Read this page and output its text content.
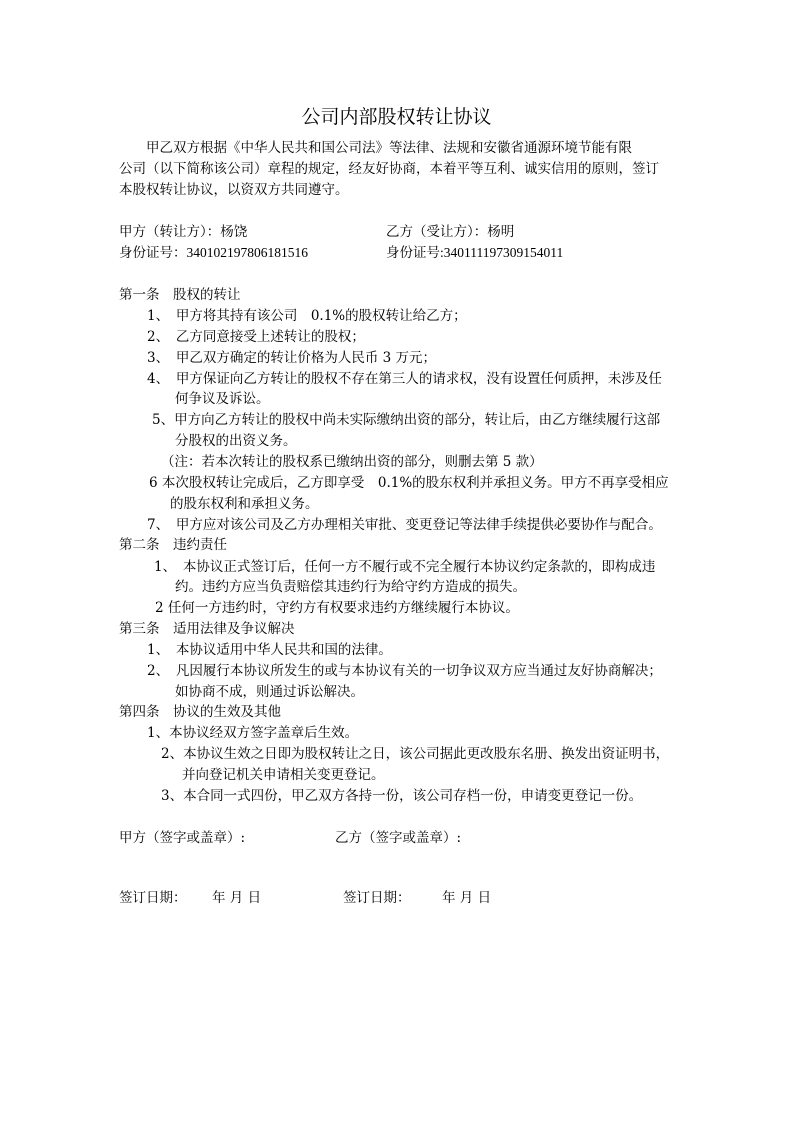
公司内部股权转让协议
甲乙双方根据《中华人民共和国公司法》等法律、法规和安徽省通源环境节能有限
公司（以下简称该公司）章程的规定，经友好协商，本着平等互利、诚实信用的原则，签订
本股权转让协议，以资双方共同遵守。
甲方（转让方）：杨饶	乙方（受让方）：杨明
身份证号：340102197806181516	身份证号:340111197309154011
第一条　股权的转让
1、　甲方将其持有该公司　0.1%的股权转让给乙方；
2、　乙方同意接受上述转让的股权；
3、　甲乙双方确定的转让价格为人民币 3 万元；
4、　甲方保证向乙方转让的股权不存在第三人的请求权，没有设置任何质押，未涉及任
何争议及诉讼。
5、甲方向乙方转让的股权中尚未实际缴纳出资的部分，转让后，由乙方继续履行这部
分股权的出资义务。
（注：若本次转让的股权系已缴纳出资的部分，则删去第 5 款）
6 本次股权转让完成后，乙方即享受　0.1%的股东权利并承担义务。甲方不再享受相应
的股东权利和承担义务。
7、　甲方应对该公司及乙方办理相关审批、变更登记等法律手续提供必要协作与配合。
第二条　违约责任
1、　本协议正式签订后，任何一方不履行或不完全履行本协议约定条款的，即构成违
约。违约方应当负责赔偿其违约行为给守约方造成的损失。
2 任何一方违约时，守约方有权要求违约方继续履行本协议。
第三条　适用法律及争议解决
1、　本协议适用中华人民共和国的法律。
2、　凡因履行本协议所发生的或与本协议有关的一切争议双方应当通过友好协商解决；
如协商不成，则通过诉讼解决。
第四条　协议的生效及其他
1、本协议经双方签字盖章后生效。
2、本协议生效之日即为股权转让之日，该公司据此更改股东名册、换发出资证明书，
并向登记机关申请相关变更登记。
3、本合同一式四份，甲乙双方各持一份，该公司存档一份，申请变更登记一份。
甲方（签字或盖章）:	乙方（签字或盖章）:
签订日期： 年 月 日	签订日期： 年 月 日
